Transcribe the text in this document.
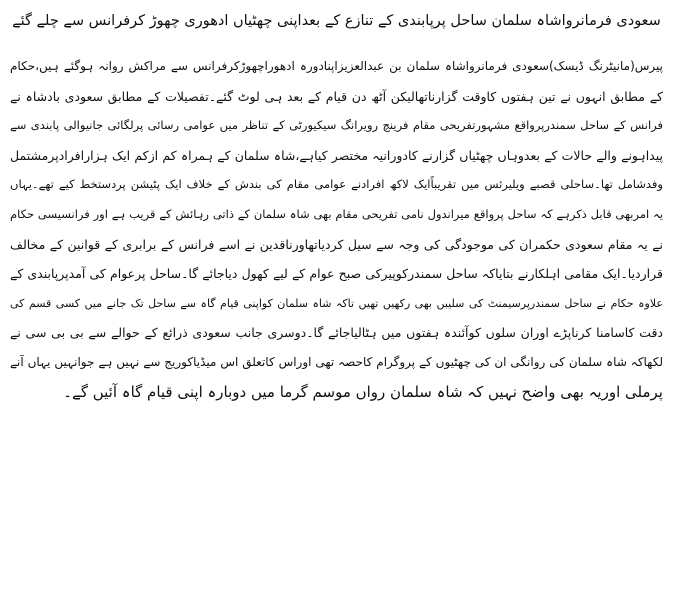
سعودی فرمانرواشاہ سلمان ساحل پرپابندی کے تنازع کے بعداپنی چھٹیاں ادھوری چھوڑ کرفرانس سے چلے گئے

پیرس(مانیٹرنگ ڈیسک)سعودی فرمانرواشاہ سلمان بن عبدالعزیزاپنادورہ ادھوراچھوڑکرفرانس سے مراکش روانہ ہوگئے ہیں،حکام

کے مطابق انہوں نے تین ہفتوں کاوقت گزارناتھالیکن آٹھ دن قیام کے بعد ہی لوٹ گئے۔تفصیلات کے مطابق سعودی بادشاہ نے

فرانس کے ساحل سمندرپرواقع مشہورتفریحی مقام فرینچ رویرانگ سیکیورٹی کے تناظر میں عوامی رسائی پرلگائی جانیوالی پابندی سے

پیداہونے والے حالات کے بعدوہاں چھٹیاں گزارنے کادورانیہ مختصر کیاہے،شاہ سلمان کے ہمراہ کم ازکم ایک ہزارافرادپرمشتمل

وفدشامل تھا۔ساحلی قصبے ویلیرئس میں تقریباًایک لاکھ افرادنے عوامی مقام کی بندش کے خلاف ایک پٹیشن پردستخط کیے تھے۔یہاں

یہ امربھی قابل ذکرہے کہ ساحل پرواقع میراندول نامی تفریحی مقام بھی شاہ سلمان کے ذاتی رہائش کے قریب ہے اور فرانسیسی حکام

نے یہ مقام سعودی حکمران کی موجودگی کی وجہ سے سیل کردیاتھاورناقدین نے اسے فرانس کے برابری کے قوانین کے مخالف

قراردیا۔ایک مقامی اہلکارنے بتایاکہ ساحل سمندرکوپیرکی صبح عوام کے لیے کھول دیاجائے گا۔ساحل پرعوام کی آمدپرپابندی کے

علاوہ حکام نے ساحل سمندرپرسیمنٹ کی سلیبں بھی رکھیں تھیں تاکہ شاہ سلمان کواپنی قیام گاہ سے ساحل تک جانے میں کسی قسم کی

دقت کاسامنا کرناپڑے اوران سلوں کوآئندہ ہفتوں میں ہٹالیاجائے گا۔دوسری جانب سعودی ذرائع کے حوالے سے بی بی سی نے

لکھاکہ شاہ سلمان کی روانگی ان کی چھٹیوں کے پروگرام کاحصہ تھی اوراس کاتعلق اس میڈیاکوریج سے نہیں ہے جوانہیں یہاں آنے

پرملی اوریہ بھی واضح نہیں کہ شاہ سلمان رواں موسم گرما میں دوبارہ اپنی قیام گاہ آئیں گے۔
